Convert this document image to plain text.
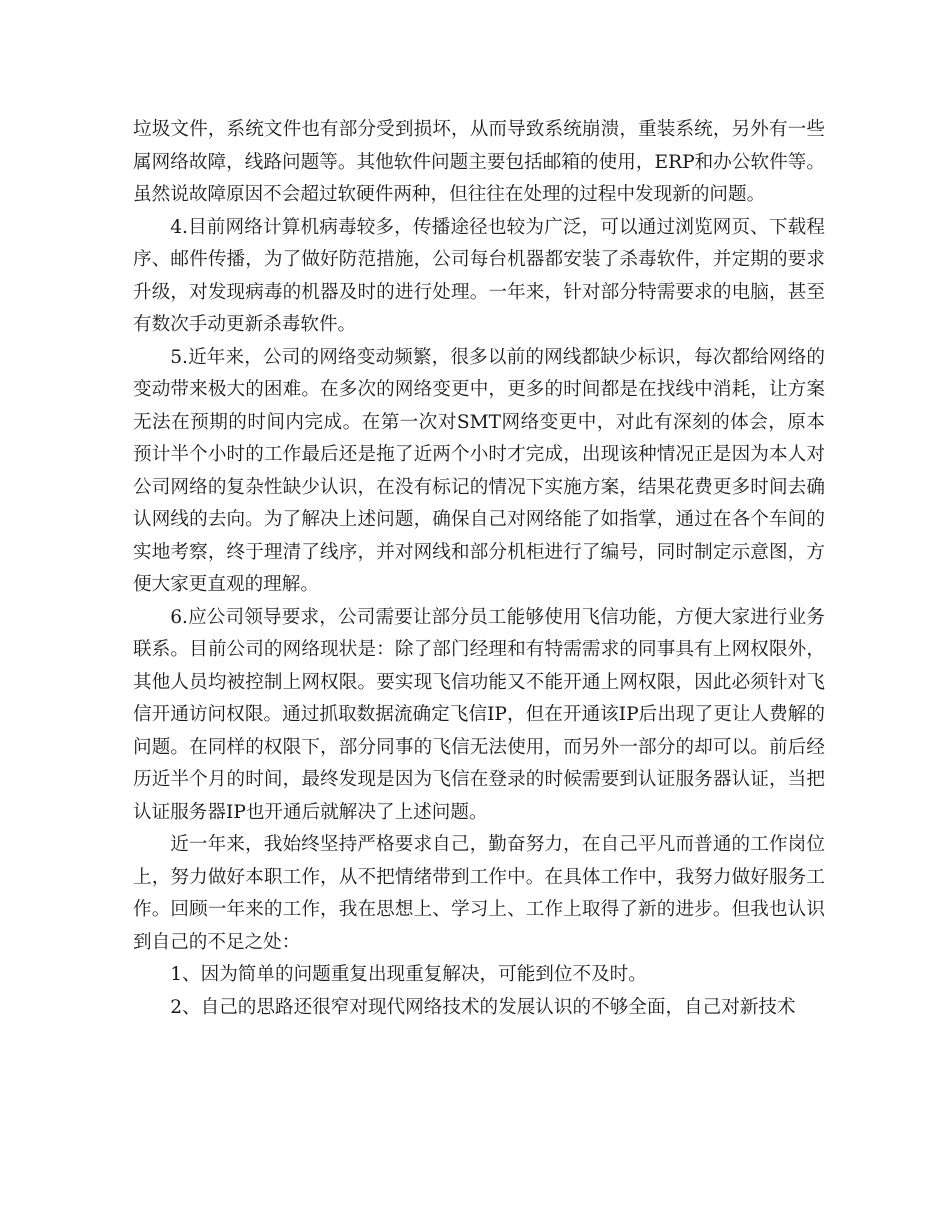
垃圾文件，系统文件也有部分受到损坏，从而导致系统崩溃，重装系统，另外有一些属网络故障，线路问题等。其他软件问题主要包括邮箱的使用，ERP和办公软件等。虽然说故障原因不会超过软硬件两种，但往往在处理的过程中发现新的问题。

4.目前网络计算机病毒较多，传播途径也较为广泛，可以通过浏览网页、下载程序、邮件传播，为了做好防范措施，公司每台机器都安装了杀毒软件，并定期的要求升级，对发现病毒的机器及时的进行处理。一年来，针对部分特需要求的电脑，甚至有数次手动更新杀毒软件。

5.近年来，公司的网络变动频繁，很多以前的网线都缺少标识，每次都给网络的变动带来极大的困难。在多次的网络变更中，更多的时间都是在找线中消耗，让方案无法在预期的时间内完成。在第一次对SMT网络变更中，对此有深刻的体会，原本预计半个小时的工作最后还是拖了近两个小时才完成，出现该种情况正是因为本人对公司网络的复杂性缺少认识，在没有标记的情况下实施方案，结果花费更多时间去确认网线的去向。为了解决上述问题，确保自己对网络能了如指掌，通过在各个车间的实地考察，终于理清了线序，并对网线和部分机柜进行了编号，同时制定示意图，方便大家更直观的理解。

6.应公司领导要求，公司需要让部分员工能够使用飞信功能，方便大家进行业务联系。目前公司的网络现状是：除了部门经理和有特需需求的同事具有上网权限外，其他人员均被控制上网权限。要实现飞信功能又不能开通上网权限，因此必须针对飞信开通访问权限。通过抓取数据流确定飞信IP，但在开通该IP后出现了更让人费解的问题。在同样的权限下，部分同事的飞信无法使用，而另外一部分的却可以。前后经历近半个月的时间，最终发现是因为飞信在登录的时候需要到认证服务器认证，当把认证服务器IP也开通后就解决了上述问题。

近一年来，我始终坚持严格要求自己，勤奋努力，在自己平凡而普通的工作岗位上，努力做好本职工作，从不把情绪带到工作中。在具体工作中，我努力做好服务工作。回顾一年来的工作，我在思想上、学习上、工作上取得了新的进步。但我也认识到自己的不足之处：

1、因为简单的问题重复出现重复解决，可能到位不及时。

2、自己的思路还很窄对现代网络技术的发展认识的不够全面，自己对新技术
